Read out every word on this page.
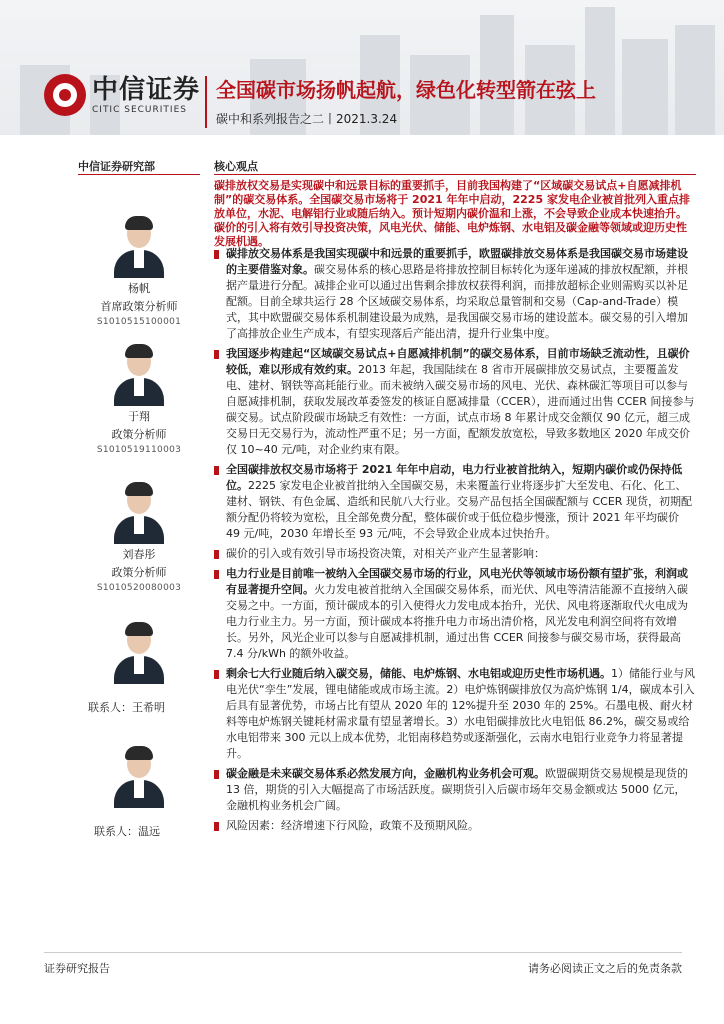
中信证券
CITIC SECURITIES
全国碳市场扬帆起航，绿色化转型箭在弦上
碳中和系列报告之二丨2021.3.24
中信证券研究部	核心观点
杨帆
首席政策分析师
S1010515100001
于翔
政策分析师
S1010519110003
刘春彤
政策分析师
S1010520080003
联系人：王希明
联系人：温远
碳排放权交易是实现碳中和远景目标的重要抓手，目前我国构建了“区域碳交易试点+自愿减排机制”的碳交易体系。全国碳交易市场将于 2021 年年中启动，2225 家发电企业被首批列入重点排放单位，水泥、电解铝行业或随后纳入。预计短期内碳价温和上涨，不会导致企业成本快速抬升。碳价的引入将有效引导投资决策，风电光伏、储能、电炉炼钢、水电铝及碳金融等领域或迎历史性发展机遇。
碳排放交易体系是我国实现碳中和远景的重要抓手，欧盟碳排放交易体系是我国碳交易市场建设的主要借鉴对象。碳交易体系的核心思路是将排放控制目标转化为逐年递减的排放权配额，并根据产量进行分配。减排企业可以通过出售剩余排放权获得利润，而排放超标企业则需购买以补足配额。目前全球共运行 28 个区域碳交易体系，均采取总量管制和交易（Cap-and-Trade）模式，其中欧盟碳交易体系机制建设最为成熟，是我国碳交易市场的建设蓝本。碳交易的引入增加了高排放企业生产成本，有望实现落后产能出清，提升行业集中度。
我国逐步构建起“区域碳交易试点+自愿减排机制”的碳交易体系，目前市场缺乏流动性，且碳价较低，难以形成有效约束。2013 年起，我国陆续在 8 省市开展碳排放交易试点，主要覆盖发电、建材、钢铁等高耗能行业。而未被纳入碳交易市场的风电、光伏、森林碳汇等项目可以参与自愿减排机制，获取发展改革委签发的核证自愿减排量（CCER），进而通过出售 CCER 间接参与碳交易。试点阶段碳市场缺乏有效性：一方面，试点市场 8 年累计成交金额仅 90 亿元，超三成交易日无交易行为，流动性严重不足；另一方面，配额发放宽松，导致多数地区 2020 年成交价仅 10~40 元/吨，对企业约束有限。
全国碳排放权交易市场将于 2021 年年中启动，电力行业被首批纳入，短期内碳价或仍保持低位。2225 家发电企业被首批纳入全国碳交易，未来覆盖行业将逐步扩大至发电、石化、化工、建材、钢铁、有色金属、造纸和民航八大行业。交易产品包括全国碳配额与 CCER 现货，初期配额分配仍将较为宽松，且全部免费分配，整体碳价或于低位稳步慢涨，预计 2021 年平均碳价 49 元/吨，2030 年增长至 93 元/吨，不会导致企业成本过快抬升。
碳价的引入或有效引导市场投资决策，对相关产业产生显著影响：
电力行业是目前唯一被纳入全国碳交易市场的行业，风电光伏等领域市场份额有望扩张，利润或有显著提升空间。火力发电被首批纳入全国碳交易体系，而光伏、风电等清洁能源不直接纳入碳交易之中。一方面，预计碳成本的引入使得火力发电成本抬升，光伏、风电将逐渐取代火电成为电力行业主力。另一方面，预计碳成本将推升电力市场出清价格，风光发电利润空间将有效增长。另外，风光企业可以参与自愿减排机制，通过出售 CCER 间接参与碳交易市场，获得最高 7.4 分/kWh 的额外收益。
剩余七大行业随后纳入碳交易，储能、电炉炼钢、水电铝或迎历史性市场机遇。1）储能行业与风电光伏“孪生”发展，锂电储能或成市场主流。2）电炉炼钢碳排放仅为高炉炼钢 1/4，碳成本引入后具有显著优势，市场占比有望从 2020 年的 12%提升至 2030 年的 25%。石墨电极、耐火材料等电炉炼钢关键耗材需求量有望显著增长。3）水电铝碳排放比火电铝低 86.2%，碳交易或给水电铝带来 300 元以上成本优势，北铝南移趋势或逐渐强化，云南水电铝行业竞争力将显著提升。
碳金融是未来碳交易体系必然发展方向，金融机构业务机会可观。欧盟碳期货交易规模是现货的 13 倍，期货的引入大幅提高了市场活跃度。碳期货引入后碳市场年交易金额或达 5000 亿元，金融机构业务机会广阔。
风险因素：经济增速下行风险，政策不及预期风险。
证券研究报告	请务必阅读正文之后的免责条款
